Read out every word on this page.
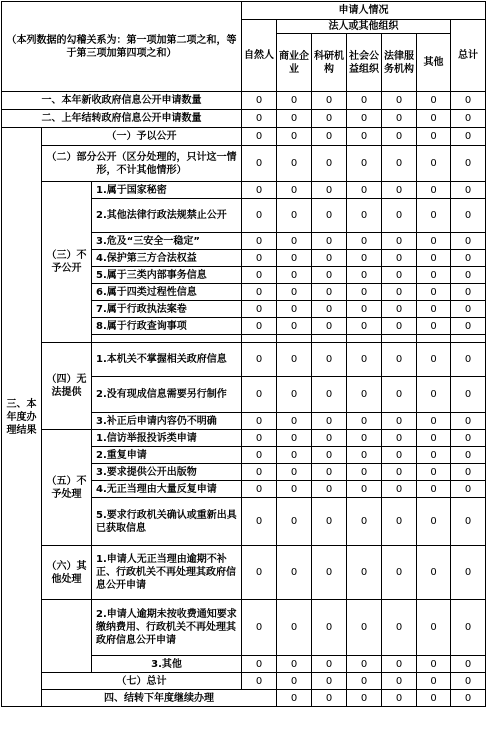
（本列数据的勾稽关系为：第一项加第二项之和，等于第三项加第四项之和）			申请人情况							
			自然人	法人或其他组织					总计	
				商业企业	科研机构	社会公益组织	法律服务机构	其他		
一、本年新收政府信息公开申请数量			0	0	0	0	0	0	0	
二、上年结转政府信息公开申请数量			0	0	0	0	0	0	0	
三、本年度办理结果	（一）予以公开		0	0	0	0	0	0	0	
	（二）部分公开（区分处理的，只计这一情形，不计其他情形）		0	0	0	0	0	0	0	
	（三）不予公开	1.属于国家秘密	0	0	0	0	0	0	0	
		2.其他法律行政法规禁止公开	0	0	0	0	0	0	0	
		3.危及“三安全一稳定”	0	0	0	0	0	0	0	
		4.保护第三方合法权益	0	0	0	0	0	0	0	
		5.属于三类内部事务信息	0	0	0	0	0	0	0	
		6.属于四类过程性信息	0	0	0	0	0	0	0	
		7.属于行政执法案卷	0	0	0	0	0	0	0	
		8.属于行政查询事项	0	0	0	0	0	0	0	

	（四）无法提供	1.本机关不掌握相关政府信息	0	0	0	0	0	0	0	
		2.没有现成信息需要另行制作	0	0	0	0	0	0	0	
		3.补正后申请内容仍不明确	0	0	0	0	0	0	0	
	（五）不予处理	1.信访举报投诉类申请	0	0	0	0	0	0	0	
		2.重复申请	0	0	0	0	0	0	0	
		3.要求提供公开出版物	0	0	0	0	0	0	0	
		4.无正当理由大量反复申请	0	0	0	0	0	0	0	
		5.要求行政机关确认或重新出具已获取信息	0	0	0	0	0	0	0	
	（六）其他处理	1.申请人无正当理由逾期不补正、行政机关不再处理其政府信息公开申请	0	0	0	0	0	0	0	
		2.申请人逾期未按收费通知要求缴纳费用、行政机关不再处理其政府信息公开申请	0	0	0	0	0	0	0	
		3.其他	0	0	0	0	0	0	0	
	（七）总计		0	0	0	0	0	0	0	
	四、结转下年度继续办理			0	0	0	0	0	0	
